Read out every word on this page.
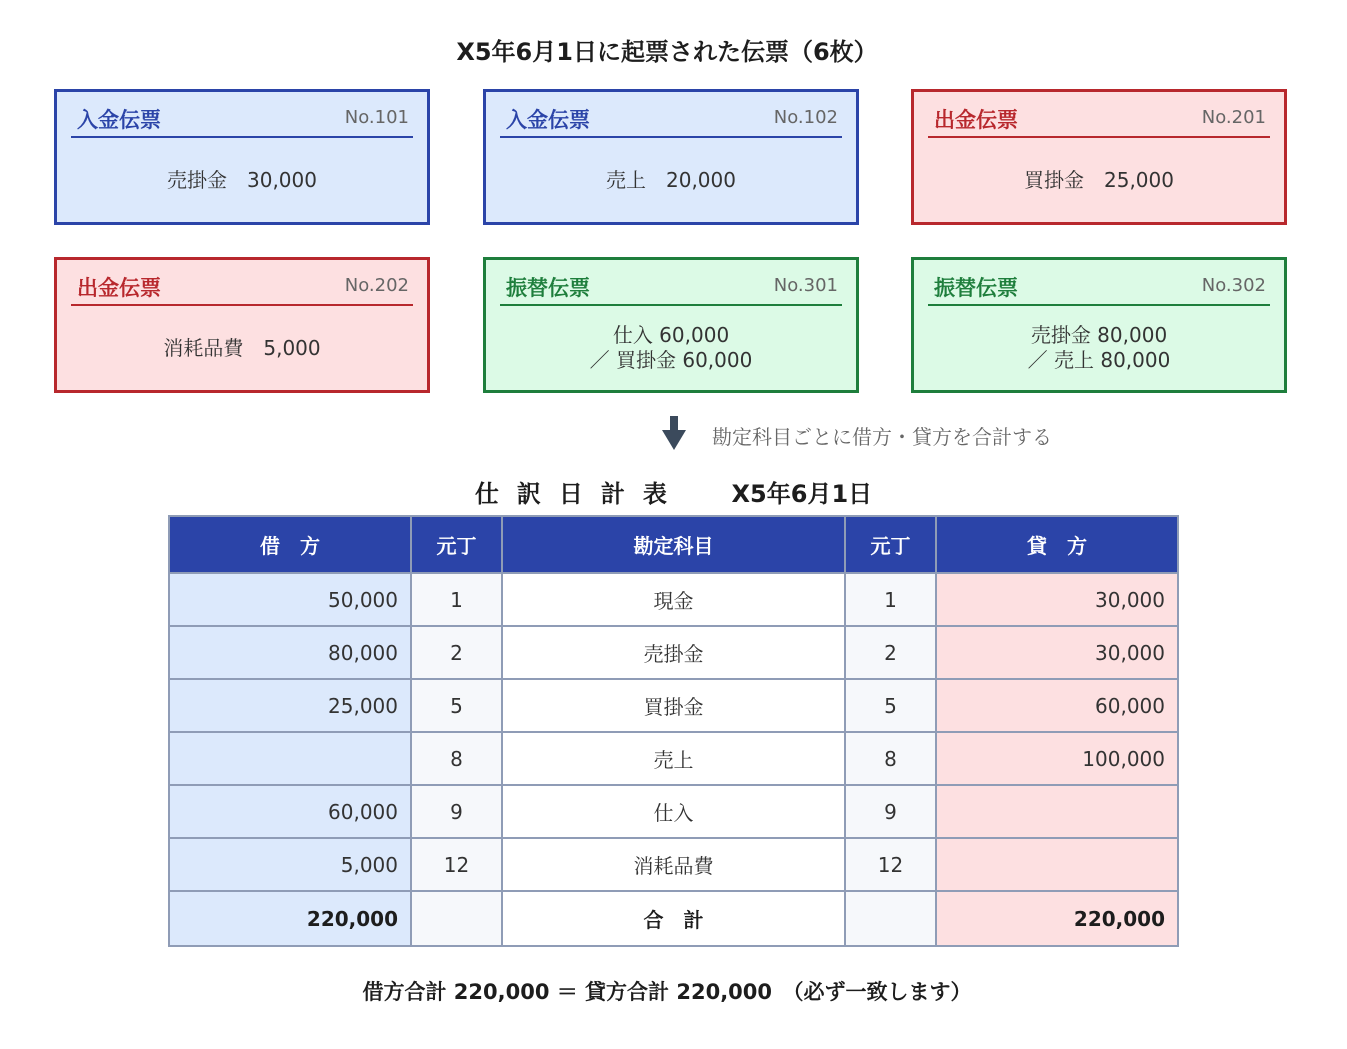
X5年6月1日に起票された伝票（6枚）
入金伝票	No.101
売掛金　30,000
入金伝票	No.102
売上　20,000
出金伝票	No.201
買掛金　25,000
出金伝票	No.202
消耗品費　5,000
振替伝票	No.301
仕入 60,000
／ 買掛金 60,000
振替伝票	No.302
売掛金 80,000
／ 売上 80,000
勘定科目ごとに借方・貸方を合計する
仕訳日計表 X5年6月1日
借　方	元丁	勘定科目	元丁	貸　方
50,000	1	現金	1	30,000
80,000	2	売掛金	2	30,000
25,000	5	買掛金	5	60,000
	8	売上	8	100,000
60,000	9	仕入	9	
5,000	12	消耗品費	12	
220,000		合　計		220,000
借方合計 220,000 ＝ 貸方合計 220,000　（必ず一致します）
